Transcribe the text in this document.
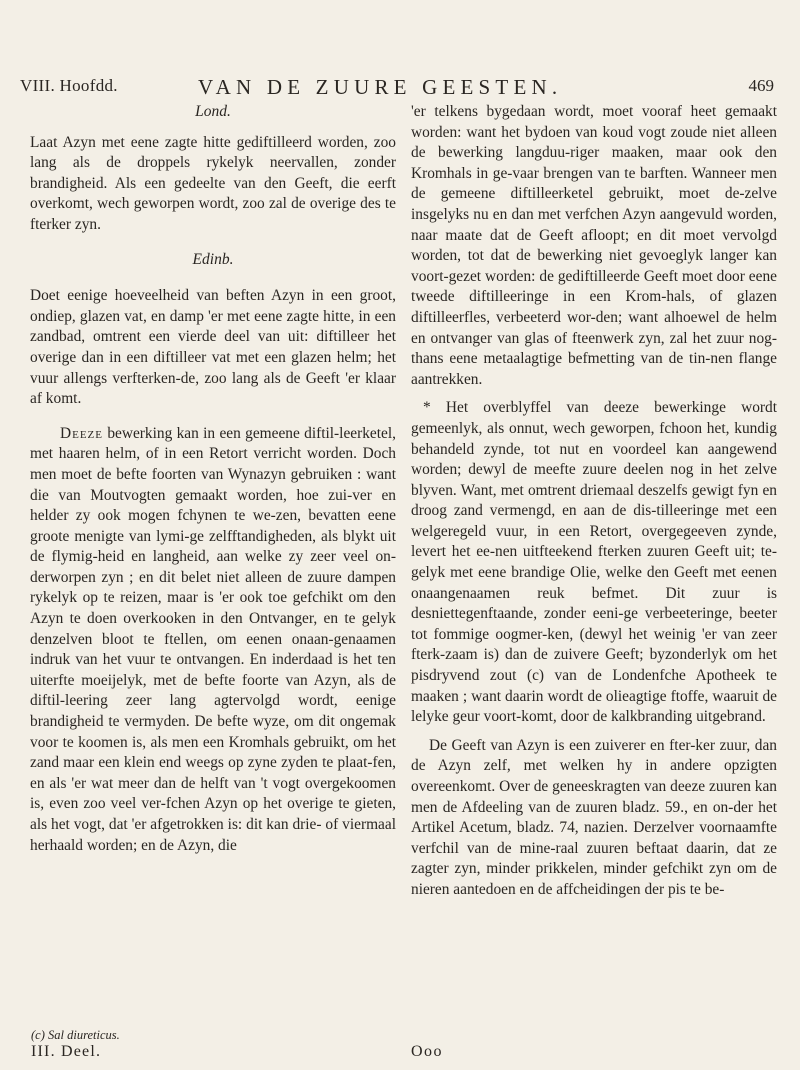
VIII. Hoofdd.	VAN DE ZUURE GEESTEN.	469
Lond.

Laat Azyn met eene zagte hitte gediftilleerd worden, zoo lang als de droppels rykelyk neervallen, zonder brandigheid. Als een gedeelte van den Geeft, die eerft overkomt, wech geworpen wordt, zoo zal de overige des te fterker zyn.

Edinb.

Doet eenige hoeveelheid van beften Azyn in een groot, ondiep, glazen vat, en damp 'er met eene zagte hitte, in een zandbad, omtrent een vierde deel van uit: diftilleer het overige dan in een diftilleer vat met een glazen helm; het vuur allengs verfterken-de, zoo lang als de Geeft 'er klaar af komt.

Deeze bewerking kan in een gemeene diftil-leerketel, met haaren helm, of in een Retort verricht worden. Doch men moet de befte foorten van Wynazyn gebruiken : want die van Moutvogten gemaakt worden, hoe zui-ver en helder zy ook mogen fchynen te we-zen, bevatten eene groote menigte van lymi-ge zelfftandigheden, als blykt uit de flymig-heid en langheid, aan welke zy zeer veel on-derworpen zyn ; en dit belet niet alleen de zuure dampen rykelyk op te reizen, maar is 'er ook toe gefchikt om den Azyn te doen overkooken in den Ontvanger, en te gelyk denzelven bloot te ftellen, om eenen onaan-genaamen indruk van het vuur te ontvangen. En inderdaad is het ten uiterfte moeijelyk, met de befte foorte van Azyn, als de diftil-leering zeer lang agtervolgd wordt, eenige brandigheid te vermyden. De befte wyze, om dit ongemak voor te koomen is, als men een Kromhals gebruikt, om het zand maar een klein end weegs op zyne zyden te plaat-fen, en als 'er wat meer dan de helft van 't vogt overgekoomen is, even zoo veel ver-fchen Azyn op het overige te gieten, als het vogt, dat 'er afgetrokken is: dit kan drie- of viermaal herhaald worden; en de Azyn, die

'er telkens bygedaan wordt, moet vooraf heet gemaakt worden: want het bydoen van koud vogt zoude niet alleen de bewerking langduu-riger maaken, maar ook den Kromhals in ge-vaar brengen van te barften. Wanneer men de gemeene diftilleerketel gebruikt, moet de-zelve insgelyks nu en dan met verfchen Azyn aangevuld worden, naar maate dat de Geeft afloopt; en dit moet vervolgd worden, tot dat de bewerking niet gevoeglyk langer kan voort-gezet worden: de gediftilleerde Geeft moet door eene tweede diftilleeringe in een Krom-hals, of glazen diftilleerfles, verbeeterd wor-den; want alhoewel de helm en ontvanger van glas of fteenwerk zyn, zal het zuur nog-thans eene metaalagtige befmetting van de tin-nen flange aantrekken.

* Het overblyffel van deeze bewerkinge wordt gemeenlyk, als onnut, wech geworpen, fchoon het, kundig behandeld zynde, tot nut en voordeel kan aangewend worden; dewyl de meefte zuure deelen nog in het zelve blyven. Want, met omtrent driemaal deszelfs gewigt fyn en droog zand vermengd, en aan de dis-tilleeringe met een welgeregeld vuur, in een Retort, overgegeeven zynde, levert het ee-nen uitfteekend fterken zuuren Geeft uit; te-gelyk met eene brandige Olie, welke den Geeft met eenen onaangenaamen reuk befmet. Dit zuur is desniettegenftaande, zonder eeni-ge verbeeteringe, beeter tot fommige oogmer-ken, (dewyl het weinig 'er van zeer fterk-zaam is) dan de zuivere Geeft; byzonderlyk om het pisdryvend zout (c) van de Londenfche Apotheek te maaken ; want daarin wordt de olieagtige ftoffe, waaruit de lelyke geur voort-komt, door de kalkbranding uitgebrand.

De Geeft van Azyn is een zuiverer en fter-ker zuur, dan de Azyn zelf, met welken hy in andere opzigten overeenkomt. Over de geneeskragten van deeze zuuren kan men de Afdeeling van de zuuren bladz. 59., en on-der het Artikel Acetum, bladz. 74, nazien. Derzelver voornaamfte verfchil van de mine-raal zuuren beftaat daarin, dat ze zagter zyn, minder prikkelen, minder gefchikt zyn om de nieren aantedoen en de affcheidingen der pis te be-

(c) Sal diureticus.
III. Deel.	Ooo
